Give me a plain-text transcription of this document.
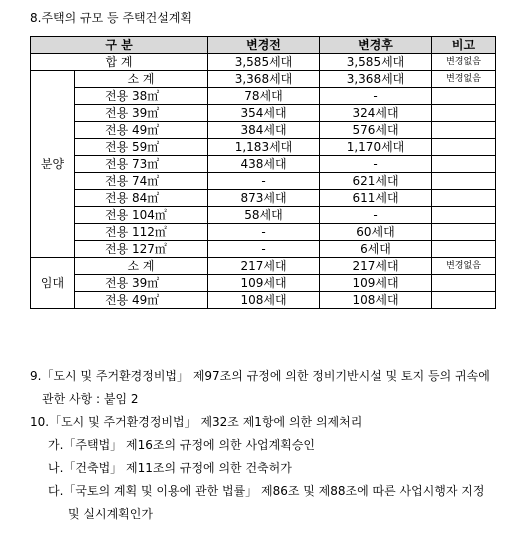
8.주택의 규모 등 주택건설계획
구 분		변경전	변경후	비고
합 계		3,585세대	3,585세대	변경없음
분양	소 계	3,368세대	3,368세대	변경없음
	전용 38㎡	78세대	-	
	전용 39㎡	354세대	324세대	
	전용 49㎡	384세대	576세대	
	전용 59㎡	1,183세대	1,170세대	
	전용 73㎡	438세대	-	
	전용 74㎡	-	621세대	
	전용 84㎡	873세대	611세대	
	전용 104㎡	58세대	-	
	전용 112㎡	-	60세대	
	전용 127㎡	-	6세대	
임대	소 계	217세대	217세대	변경없음
	전용 39㎡	109세대	109세대	
	전용 49㎡	108세대	108세대	
9.「도시 및 주거환경정비법」 제97조의 규정에 의한 정비기반시설 및 토지 등의 귀속에
관한 사항 : 붙임 2
10.「도시 및 주거환경정비법」 제32조 제1항에 의한 의제처리
가.「주택법」 제16조의 규정에 의한 사업계획승인
나.「건축법」 제11조의 규정에 의한 건축허가
다.「국토의 계획 및 이용에 관한 법률」 제86조 및 제88조에 따른 사업시행자 지정
및 실시계획인가
